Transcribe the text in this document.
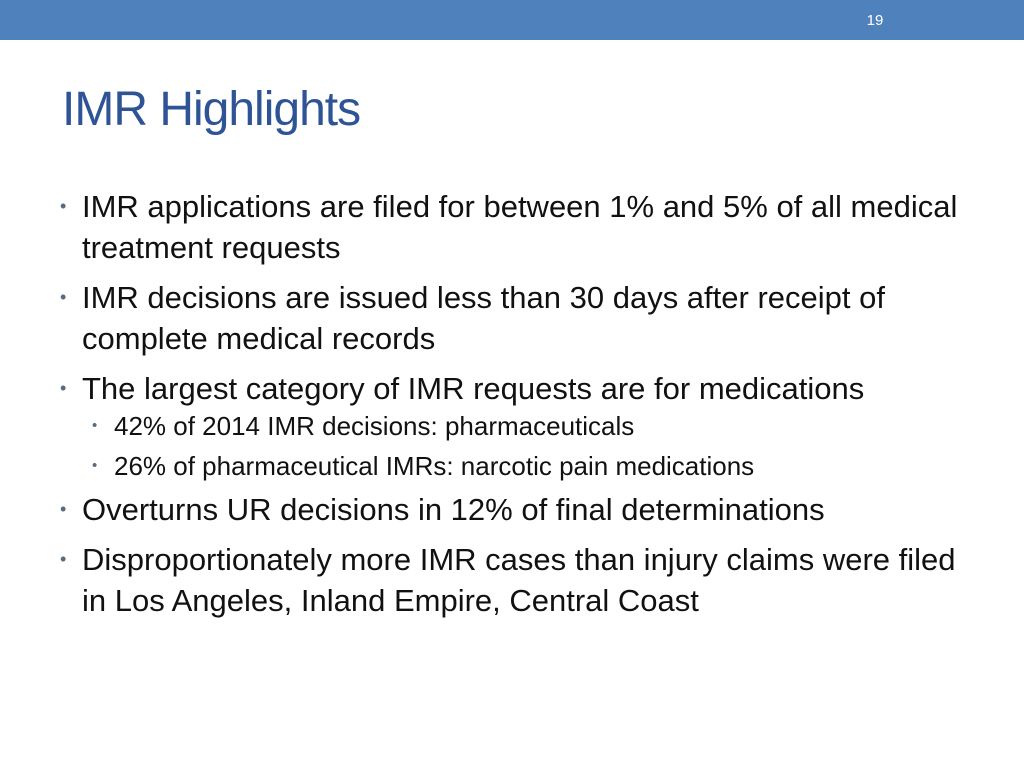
19
IMR Highlights
• IMR applications are filed for between 1% and 5% of all medical treatment requests
• IMR decisions are issued less than 30 days after receipt of complete medical records
• The largest category of IMR requests are for medications
• 42% of 2014 IMR decisions: pharmaceuticals
• 26% of pharmaceutical IMRs: narcotic pain medications
• Overturns UR decisions in 12% of final determinations
• Disproportionately more IMR cases than injury claims were filed in Los Angeles, Inland Empire, Central Coast
